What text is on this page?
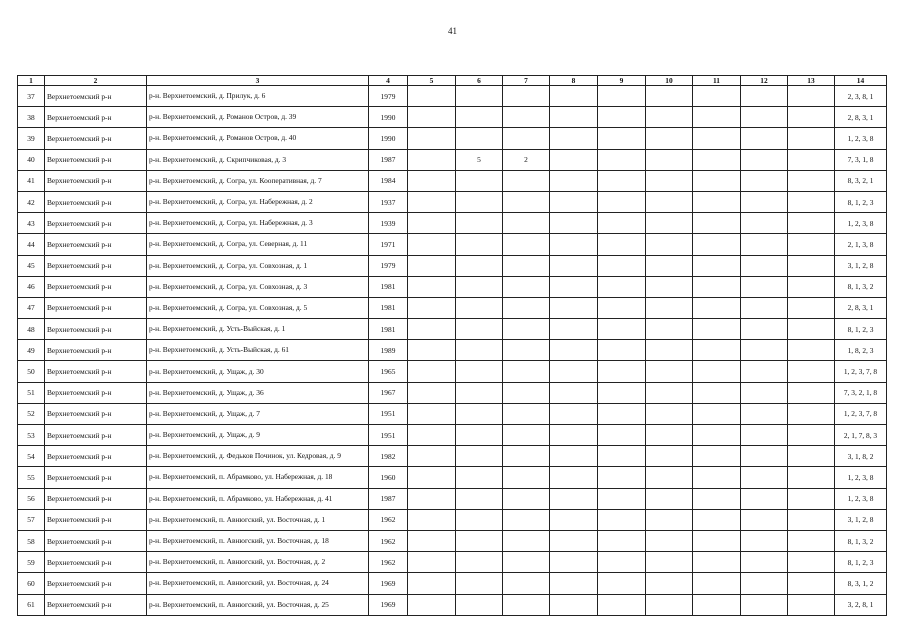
41
1	2	3	4	5	6	7	8	9	10	11	12	13	14
37	Верхнетоемский р-н	р-н. Верхнетоемский, д. Прилук, д. 6	1979										2, 3, 8, 1
38	Верхнетоемский р-н	р-н. Верхнетоемский, д. Романов Остров, д. 39	1990										2, 8, 3, 1
39	Верхнетоемский р-н	р-н. Верхнетоемский, д. Романов Остров, д. 40	1990										1, 2, 3, 8
40	Верхнетоемский р-н	р-н. Верхнетоемский, д. Скрипчиковая, д. 3	1987		5	2							7, 3, 1, 8
41	Верхнетоемский р-н	р-н. Верхнетоемский, д. Согра, ул. Кооперативная, д. 7	1984										8, 3, 2, 1
42	Верхнетоемский р-н	р-н. Верхнетоемский, д. Согра, ул. Набережная, д. 2	1937										8, 1, 2, 3
43	Верхнетоемский р-н	р-н. Верхнетоемский, д. Согра, ул. Набережная, д. 3	1939										1, 2, 3, 8
44	Верхнетоемский р-н	р-н. Верхнетоемский, д. Согра, ул. Северная, д. 11	1971										2, 1, 3, 8
45	Верхнетоемский р-н	р-н. Верхнетоемский, д. Согра, ул. Совхозная, д. 1	1979										3, 1, 2, 8
46	Верхнетоемский р-н	р-н. Верхнетоемский, д. Согра, ул. Совхозная, д. 3	1981										8, 1, 3, 2
47	Верхнетоемский р-н	р-н. Верхнетоемский, д. Согра, ул. Совхозная, д. 5	1981										2, 8, 3, 1
48	Верхнетоемский р-н	р-н. Верхнетоемский, д. Усть-Выйская, д. 1	1981										8, 1, 2, 3
49	Верхнетоемский р-н	р-н. Верхнетоемский, д. Усть-Выйская, д. 61	1989										1, 8, 2, 3
50	Верхнетоемский р-н	р-н. Верхнетоемский, д. Ущаж, д. 30	1965										1, 2, 3, 7, 8
51	Верхнетоемский р-н	р-н. Верхнетоемский, д. Ущаж, д. 36	1967										7, 3, 2, 1, 8
52	Верхнетоемский р-н	р-н. Верхнетоемский, д. Ущаж, д. 7	1951										1, 2, 3, 7, 8
53	Верхнетоемский р-н	р-н. Верхнетоемский, д. Ущаж, д. 9	1951										2, 1, 7, 8, 3
54	Верхнетоемский р-н	р-н. Верхнетоемский, д. Федьков Починок, ул. Кедровая, д. 9	1982										3, 1, 8, 2
55	Верхнетоемский р-н	р-н. Верхнетоемский, п. Абрамково, ул. Набережная, д. 18	1960										1, 2, 3, 8
56	Верхнетоемский р-н	р-н. Верхнетоемский, п. Абрамково, ул. Набережная, д. 41	1987										1, 2, 3, 8
57	Верхнетоемский р-н	р-н. Верхнетоемский, п. Авнюгский, ул. Восточная, д. 1	1962										3, 1, 2, 8
58	Верхнетоемский р-н	р-н. Верхнетоемский, п. Авнюгский, ул. Восточная, д. 18	1962										8, 1, 3, 2
59	Верхнетоемский р-н	р-н. Верхнетоемский, п. Авнюгский, ул. Восточная, д. 2	1962										8, 1, 2, 3
60	Верхнетоемский р-н	р-н. Верхнетоемский, п. Авнюгский, ул. Восточная, д. 24	1969										8, 3, 1, 2
61	Верхнетоемский р-н	р-н. Верхнетоемский, п. Авнюгский, ул. Восточная, д. 25	1969										3, 2, 8, 1
